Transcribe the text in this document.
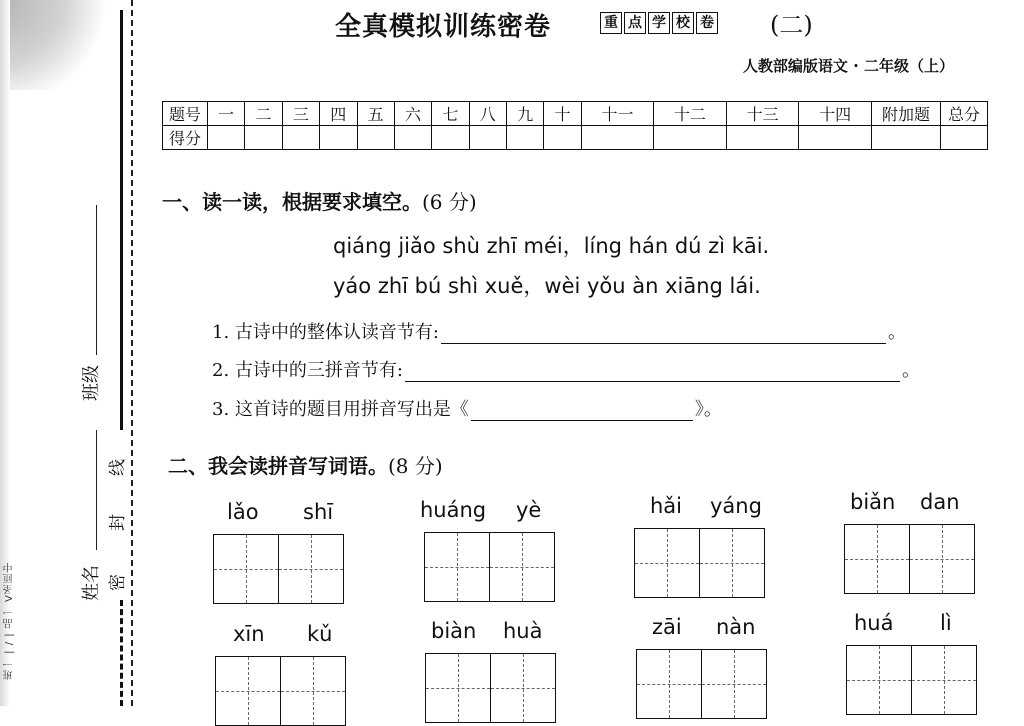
班一 | / | 品一 V圣匝中
班级
姓名
线
封
密
全真模拟训练密卷	重 点 学 校 卷 (二)
人教部编版语文 · 二年级（上）
题号	一	二	三	四	五	六	七	八	九	十	十一	十二	十三	十四	附加题	总分
得分																
一、读一读，根据要求填空。(6 分)
qiáng jiǎo shù zhī méi，líng hán dú zì kāi.
yáo zhī bú shì xuě，wèi yǒu àn xiāng lái.
1. 古诗中的整体认读音节有:	。
2. 古诗中的三拼音节有:	。
3. 这首诗的题目用拼音写出是《	》。
二、我会读拼音写词语。(8 分)
lǎo shī	huáng yè	hǎi yáng	biǎn dan
xīn kǔ	biàn huà	zāi nàn	huá lì
